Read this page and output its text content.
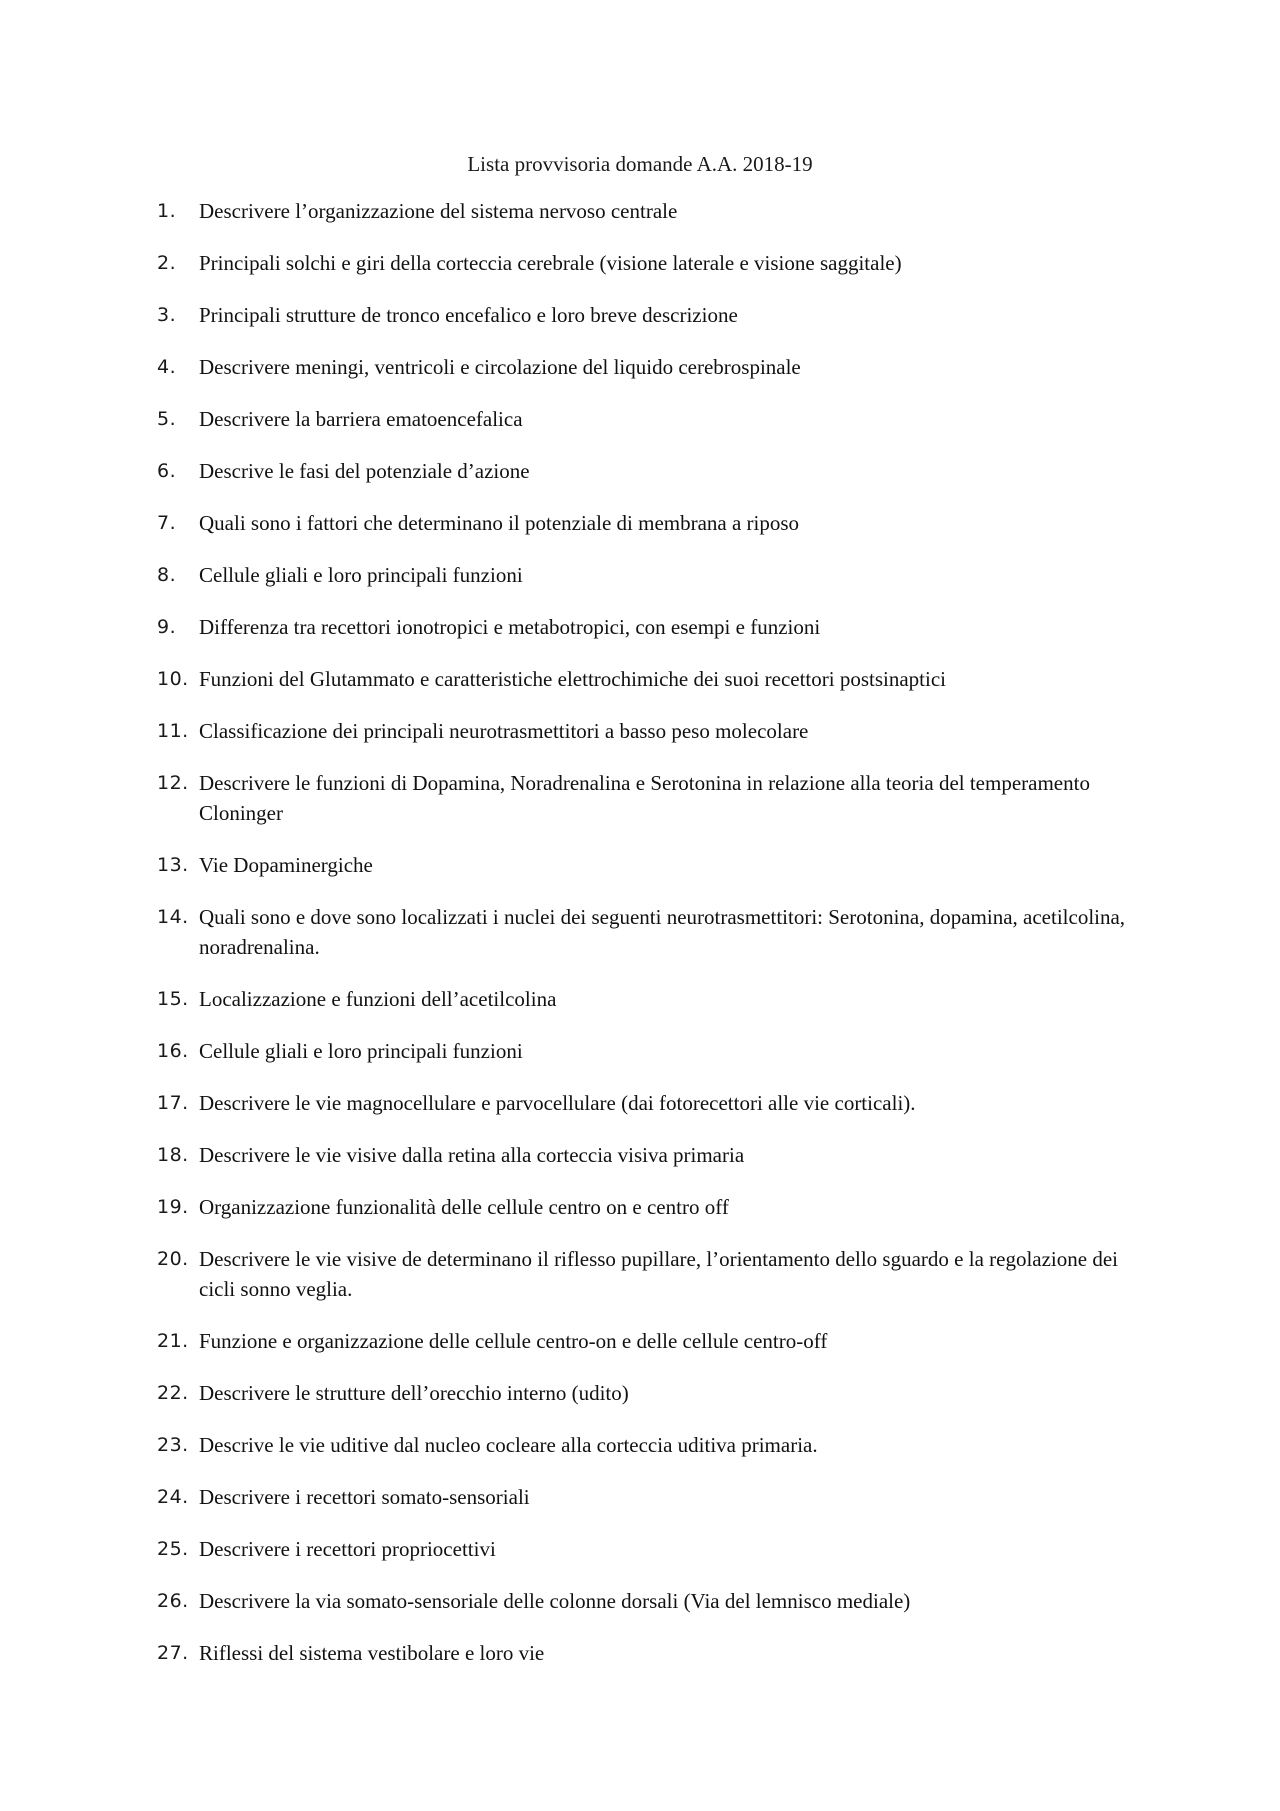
Lista provvisoria domande A.A. 2018-19
1.	Descrivere l’organizzazione del sistema nervoso centrale
2.	Principali solchi e giri della corteccia cerebrale (visione laterale e visione saggitale)
3.	Principali strutture de tronco encefalico e loro breve descrizione
4.	Descrivere meningi, ventricoli e circolazione del liquido cerebrospinale
5.	Descrivere la barriera ematoencefalica
6.	Descrive le fasi del potenziale d’azione
7.	Quali sono i fattori che determinano il potenziale di membrana a riposo
8.	Cellule gliali e loro principali funzioni
9.	Differenza tra recettori ionotropici e metabotropici, con esempi e funzioni
10. Funzioni del Glutammato e caratteristiche elettrochimiche dei suoi recettori postsinaptici
11. Classificazione dei principali neurotrasmettitori a basso peso molecolare
12. Descrivere le funzioni di Dopamina, Noradrenalina e Serotonina in relazione alla teoria del temperamento Cloninger
13. Vie Dopaminergiche
14. Quali sono e dove sono localizzati i nuclei dei seguenti neurotrasmettitori: Serotonina, dopamina, acetilcolina, noradrenalina.
15. Localizzazione e funzioni dell’acetilcolina
16. Cellule gliali e loro principali funzioni
17. Descrivere le vie magnocellulare e parvocellulare (dai fotorecettori alle vie corticali).
18. Descrivere le vie visive dalla retina alla corteccia visiva primaria
19. Organizzazione funzionalità delle cellule centro on e centro off
20. Descrivere le vie visive de determinano il riflesso pupillare, l’orientamento dello sguardo e la regolazione dei cicli sonno veglia.
21. Funzione e organizzazione delle cellule centro-on e delle cellule centro-off
22. Descrivere le strutture dell’orecchio interno (udito)
23. Descrive le vie uditive dal nucleo cocleare alla corteccia uditiva primaria.
24. Descrivere i recettori somato-sensoriali
25. Descrivere i recettori propriocettivi
26. Descrivere la via somato-sensoriale delle colonne dorsali (Via del lemnisco mediale)
27. Riflessi del sistema vestibolare e loro vie
